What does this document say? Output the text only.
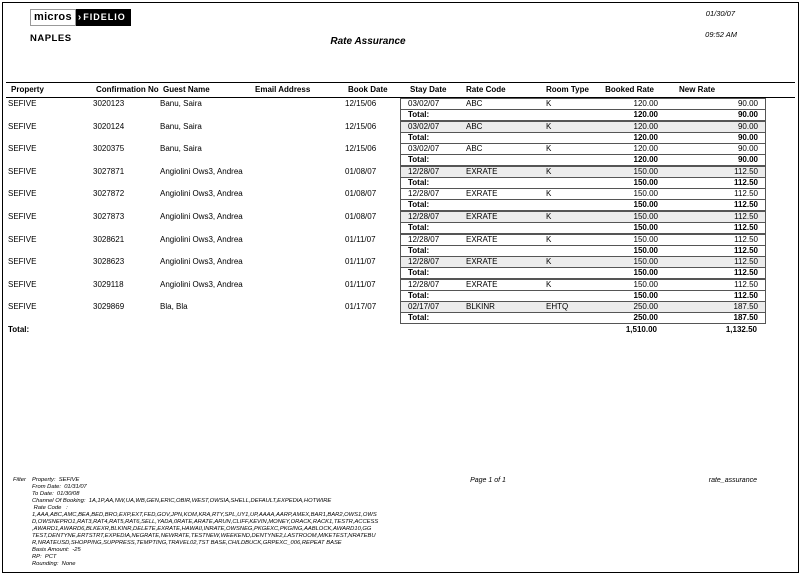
micros › FIDELIO
NAPLES	Rate Assurance
01/30/07
09:52 AM
Property	Confirmation No Guest Name	Email Address	Book Date	Stay Date Rate Code	Room Type	Booked Rate	New Rate
SEFIVE	3020123	Banu, Saira	12/15/06	03/02/07	ABC	K	120.00	90.00
Total:	120.00	90.00
SEFIVE	3020124	Banu, Saira	12/15/06	03/02/07	ABC	K	120.00	90.00
Total:	120.00	90.00
SEFIVE	3020375	Banu, Saira	12/15/06	03/02/07	ABC	K	120.00	90.00
Total:	120.00	90.00
SEFIVE	3027871	Angiolini Ows3, Andrea	01/08/07	12/28/07	EXRATE	K	150.00	112.50
Total:	150.00	112.50
SEFIVE	3027872	Angiolini Ows3, Andrea	01/08/07	12/28/07	EXRATE	K	150.00	112.50
Total:	150.00	112.50
SEFIVE	3027873	Angiolini Ows3, Andrea	01/08/07	12/28/07	EXRATE	K	150.00	112.50
Total:	150.00	112.50
SEFIVE	3028621	Angiolini Ows3, Andrea	01/11/07	12/28/07	EXRATE	K	150.00	112.50
Total:	150.00	112.50
SEFIVE	3028623	Angiolini Ows3, Andrea	01/11/07	12/28/07	EXRATE	K	150.00	112.50
Total:	150.00	112.50
SEFIVE	3029118	Angiolini Ows3, Andrea	01/11/07	12/28/07	EXRATE	K	150.00	112.50
Total:	150.00	112.50
SEFIVE	3029869	Bla, Bla	01/17/07	02/17/07	BLKINR	EHTQ	250.00	187.50
Total:	250.00	187.50
Total:	1,510.00	1,132.50
Filter Property:  SEFIVE
From Date:  01/31/07
To Date:  01/30/08
Channel Of Booking:  1A,1P,AA,NW,UA,WB,GEN,ERIC,OBIR,WEST,OWSIA,SHELL,DEFAULT,EXPEDIA,HOTWIRE
Rate Code   :
1,AAA,ABC,AMC,BEA,BED,BRO,EXP,EXT,FED,GOV,JPN,KOM,KRA,RTY,SPL,UY1,UP,AAAA,AARP,AMEX,BAR1,BAR2,OWS1,OWS
D,OWSNEPRO1,RAT3,RAT4,RAT5,RAT6,SELL,YADA,0RATE,ARATE,ARUN,CLIFF,KEVIN,MONEY,ORACK,RACK1,TESTR,ACCESS
,AWARD1,AWARD6,BLKEXR,BLKINR,DELETE,EXRATE,HAWAII,INRATE,OWSNEG,PKGEXC,PKGING,AABLOCK,AWARD10,GG
TEST,DENTYNE,ERTSTRT,EXPEDIA,NEGRATE,NEWRATE,TESTNEW,WEEKEND,DENTYNE2,LASTROOM,MIKETEST,NRATEBU
R,NRATEUSD,SHOPPING,SUPPRESS,TEMPTING,TRAVEL02,TST BASE,CHILDBUCK,GRPEXC_006,REPEAT BASE
Basis Amount:  -25
RP:  PCT
Rounding:  None
Page 1 of 1	rate_assurance
